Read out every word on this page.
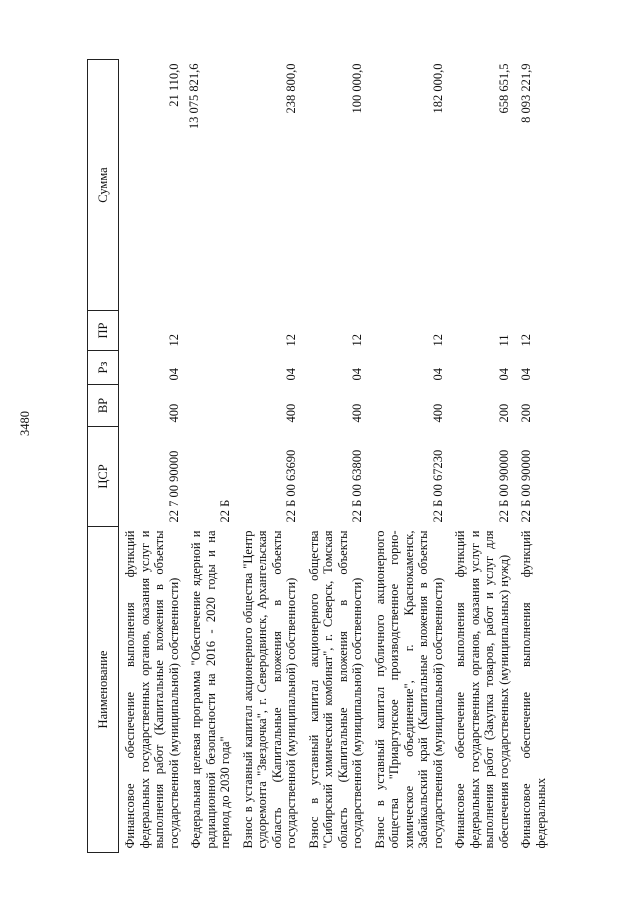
3480
Наименование	ЦСР	ВР	Рз	ПР	Сумма
Финансовое обеспечение выполнения функций федеральных государственных органов, оказания услуг и выполнения работ (Капитальные вложения в объекты государственной (муниципальной) собственности)	22 7 00 90000	400	04	12	21 110,0
Федеральная целевая программа "Обеспечение ядерной и радиационной безопасности на 2016 - 2020 годы и на период до 2030 года"	22 Б				13 075 821,6
Взнос в уставный капитал акционерного общества "Центр судоремонта "Звездочка", г. Северодвинск, Архангельская область (Капитальные вложения в объекты государственной (муниципальной) собственности)	22 Б 00 63690	400	04	12	238 800,0
Взнос в уставный капитал акционерного общества "Сибирский химический комбинат", г. Северск, Томская область (Капитальные вложения в объекты государственной (муниципальной) собственности)	22 Б 00 63800	400	04	12	100 000,0
Взнос в уставный капитал публичного акционерного общества "Приаргунское производственное горно-химическое объединение", г. Краснокаменск, Забайкальский край (Капитальные вложения в объекты государственной (муниципальной) собственности)	22 Б 00 67230	400	04	12	182 000,0
Финансовое обеспечение выполнения функций федеральных государственных органов, оказания услуг и выполнения работ (Закупка товаров, работ и услуг для обеспечения государственных (муниципальных) нужд)	22 Б 00 90000	200	04	11	658 651,5
Финансовое обеспечение выполнения функций федеральных	22 Б 00 90000	200	04	12	8 093 221,9
